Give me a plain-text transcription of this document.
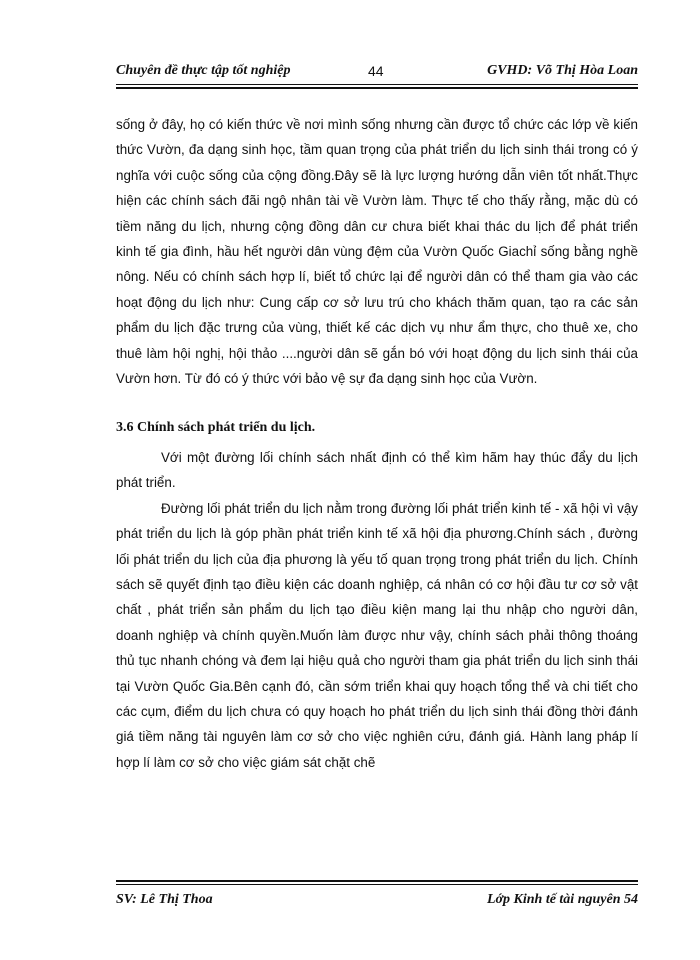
Chuyên đề thực tập tốt nghiệp	44	GVHD: Võ Thị Hòa Loan

sống ở đây, họ có kiến thức về nơi mình sống nhưng cần được tổ chức các lớp về kiến thức Vườn, đa dạng sinh học, tầm quan trọng của phát triển du lịch sinh thái trong có ý nghĩa với cuộc sống của cộng đồng.Đây sẽ là lực lượng hướng dẫn viên tốt nhất.Thực hiện các chính sách đãi ngộ nhân tài về Vườn làm. Thực tế cho thấy rằng, mặc dù có tiềm năng du lịch, nhưng cộng đồng dân cư chưa biết khai thác du lịch để phát triển kinh tế gia đình, hầu hết người dân vùng đệm của Vườn Quốc Giachỉ sống bằng nghề nông. Nếu có chính sách hợp lí, biết tổ chức lại để người dân có thể tham gia vào các hoạt động du lịch như: Cung cấp cơ sở lưu trú cho khách thăm quan, tạo ra các sản phẩm du lịch đặc trưng của vùng, thiết kế các dịch vụ như ẩm thực, cho thuê xe, cho thuê làm hội nghị, hội thảo ....người dân sẽ gắn bó với hoạt động du lịch sinh thái của Vườn hơn. Từ đó có ý thức với bảo vệ sự đa dạng sinh học của Vườn.

3.6 Chính sách phát triển du lịch.

Với một đường lối chính sách nhất định có thể kìm hãm hay thúc đẩy du lịch phát triển.

Đường lối phát triển du lịch nằm trong đường lối phát triển kinh tế - xã hội vì vậy phát triển du lịch là góp phần phát triển kinh tế xã hội địa phương.Chính sách , đường lối phát triển du lịch của địa phương là yếu tố quan trọng trong phát triển du lịch. Chính sách sẽ quyết định tạo điều kiện các doanh nghiệp, cá nhân có cơ hội đầu tư cơ sở vật chất , phát triển sản phẩm du lịch tạo điều kiện mang lại thu nhập cho người dân, doanh nghiệp và chính quyền.Muốn làm được như vậy, chính sách phải thông thoáng thủ tục nhanh chóng và đem lại hiệu quả cho người tham gia phát triển du lịch sinh thái tại Vườn Quốc Gia.Bên cạnh đó, cần sớm triển khai quy hoạch tổng thể và chi tiết cho các cụm, điểm du lịch chưa có quy hoạch ho phát triển du lịch sinh thái đồng thời đánh giá tiềm năng tài nguyên làm cơ sở cho việc nghiên cứu, đánh giá. Hành lang pháp lí hợp lí làm cơ sở cho việc giám sát chặt chẽ

SV: Lê Thị Thoa	Lớp Kinh tế tài nguyên 54
